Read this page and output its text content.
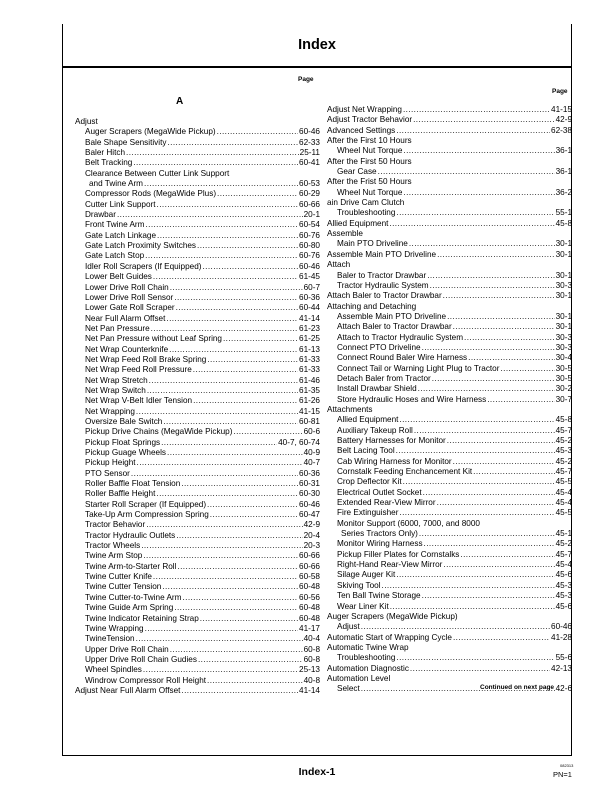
Index
Page
A
Page
Adjust
Auger Scrapers (MegaWide Pickup) .....	60-46
Bale Shape Sensitivity .....	62-33
Baler Hitch .....	25-11
Belt Tracking .....	60-41
Clearance Between Cutter Link Support
and Twine Arm .....	60-53
Compressor Rods (MegaWide Plus) .....	60-29
Cutter Link Support .....	60-66
Drawbar .....	20-1
Front Twine Arm .....	60-54
Gate Latch Linkage .....	60-76
Gate Latch Proximity Switches .....	60-80
Gate Latch Stop .....	60-76
Idler Roll Scrapers (If Equipped) .....	60-46
Lower Belt Guides .....	61-45
Lower Drive Roll Chain .....	60-7
Lower Drive Roll Sensor .....	60-36
Lower Gate Roll Scraper .....	60-44
Near Full Alarm Offset .....	41-14
Net Pan Pressure .....	61-23
Net Pan Pressure without Leaf Spring .....	61-25
Net Wrap Counterknife .....	61-13
Net Wrap Feed Roll Brake Spring .....	61-33
Net Wrap Feed Roll Pressure .....	61-33
Net Wrap Stretch .....	61-46
Net Wrap Switch .....	61-35
Net Wrap V-Belt Idler Tension .....	61-26
Net Wrapping .....	41-15
Oversize Bale Switch .....	60-81
Pickup Drive Chains (MegaWide Pickup) .....	60-6
Pickup Float Springs .....	40-7, 60-74
Pickup Guage Wheels .....	40-9
Pickup Height .....	40-7
PTO Sensor .....	60-36
Roller Baffle Float Tension .....	60-31
Roller Baffle Height .....	60-30
Starter Roll Scraper (If Equipped) .....	60-46
Take-Up Arm Compression Spring .....	60-47
Tractor Behavior .....	42-9
Tractor Hydraulic Outlets .....	20-4
Tractor Wheels .....	20-3
Twine Arm Stop .....	60-66
Twine Arm-to-Starter Roll .....	60-66
Twine Cutter Knife .....	60-58
Twine Cutter Tension .....	60-48
Twine Cutter-to-Twine Arm .....	60-56
Twine Guide Arm Spring .....	60-48
Twine Indicator Retaining Strap .....	60-48
Twine Wrapping .....	41-17
TwineTension .....	40-4
Upper Drive Roll Chain .....	60-8
Upper Drive Roll Chain Gudies .....	60-8
Wheel Spindles .....	25-13
Windrow Compressor Roll Height .....	40-8
Adjust Near Full Alarm Offset .....	41-14
Adjust Net Wrapping .....	41-15
Adjust Tractor Behavior .....	42-9
Advanced Settings .....	62-38
After the First 10 Hours
Wheel Nut Torque .....	36-1
After the First 50 Hours
Gear Case .....	36-1
After the Frist 50 Hours
Wheel Nut Torque .....	36-2
ain Drive Cam Clutch
Troubleshooting .....	55-1
Allied Equipment .....	45-8
Assemble
Main PTO Driveline .....	30-1
Assemble Main PTO Driveline .....	30-1
Attach
Baler to Tractor Drawbar .....	30-1
Tractor Hydraulic System .....	30-3
Attach Baler to Tractor Drawbar .....	30-1
Attaching and Detaching
Assemble Main PTO Driveline .....	30-1
Attach Baler to Tractor Drawbar .....	30-1
Attach to Tractor Hydraulic System .....	30-3
Connect PTO Driveline .....	30-3
Connect Round Baler Wire Harness .....	30-4
Connect Tail or Warning Light Plug to Tractor .....	30-5
Detach Baler from Tractor .....	30-5
Install Drawbar Shield .....	30-2
Store Hydraulic Hoses and Wire Harness .....	30-7
Attachments
Allied Equipment .....	45-8
Auxiliary Takeup Roll .....	45-7
Battery Harnesses for Monitor .....	45-2
Belt Lacing Tool .....	45-3
Cab Wiring Harness for Monitor .....	45-2
Cornstalk Feeding Enchancement Kit .....	45-7
Crop Deflector Kit .....	45-5
Electrical Outlet Socket .....	45-4
Extended Rear-View Mirror .....	45-4
Fire Extinguisher .....	45-5
Monitor Support (6000, 7000, and 8000
Series Tractors Only) .....	45-1
Monitor Wiring Harness .....	45-2
Pickup Filler Plates for Cornstalks .....	45-7
Right-Hand Rear-View Mirror .....	45-4
Silage Auger Kit .....	45-6
Skiving Tool .....	45-3
Ten Ball Twine Storage .....	45-3
Wear Liner Kit .....	45-6
Auger Scrapers (MegaWide Pickup)
Adjust .....	60-46
Automatic Start of Wrapping Cycle .....	41-28
Automatic Twine Wrap
Troubleshooting .....	55-6
Automation Diagnostic .....	42-13
Automation Level
Select .....	42-6
Continued on next page
Index-1
082313
PN=1
